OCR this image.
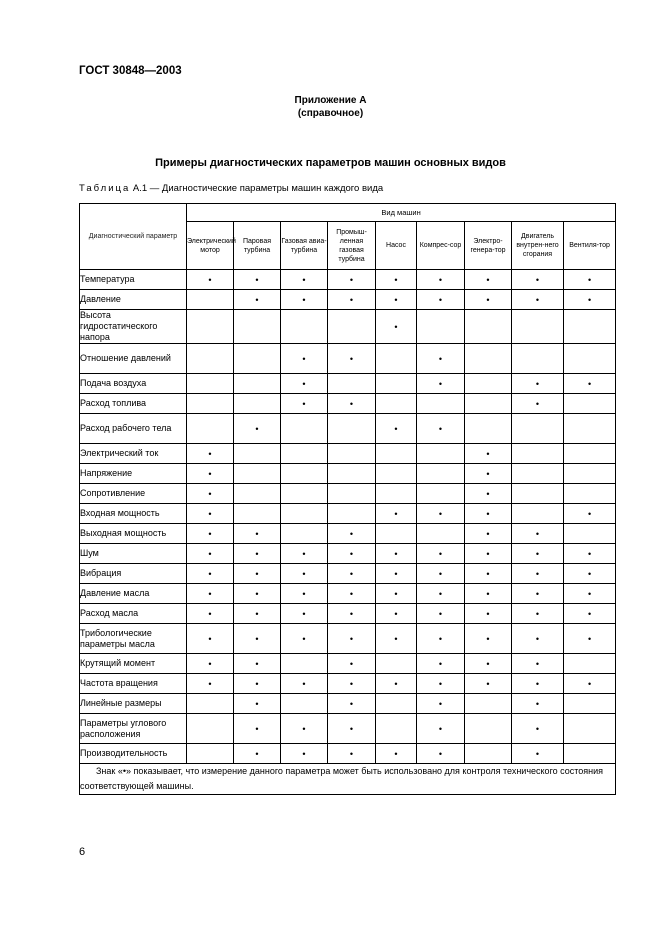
ГОСТ 30848—2003
Приложение А
(справочное)
Примеры диагностических параметров машин основных видов
Таблица А.1 — Диагностические параметры машин каждого вида
Диагностический параметр	Вид машин								
	Электрический мотор	Паровая турбина	Газовая авиа-турбина	Промыш-ленная газовая турбина	Насос	Компрес-сор	Электро-генера-тор	Двигатель внутрен-него сгорания	Вентиля-тор
Температура	•	•	•	•	•	•	•	•	•
Давление		•	•	•	•	•	•	•	•
Высота гидростатического напора					•				
Отношение давлений			•	•		•			
Подача воздуха			•			•		•	•
Расход топлива			•	•				•	
Расход рабочего тела		•			•	•			
Электрический ток	•						•		
Напряжение	•						•		
Сопротивление	•						•		
Входная мощность	•				•	•	•		•
Выходная мощность	•	•		•			•	•	
Шум	•	•	•	•	•	•	•	•	•
Вибрация	•	•	•	•	•	•	•	•	•
Давление масла	•	•	•	•	•	•	•	•	•
Расход масла	•	•	•	•	•	•	•	•	•
Трибологические параметры масла	•	•	•	•	•	•	•	•	•
Крутящий момент	•	•		•		•	•	•	
Частота вращения	•	•	•	•	•	•	•	•	•
Линейные размеры		•		•		•		•	
Параметры углового расположения		•	•	•		•		•	
Производительность		•	•	•	•	•		•	
Знак «•» показывает, что измерение данного параметра может быть использовано для контроля технического состояния соответствующей машины.									
6
